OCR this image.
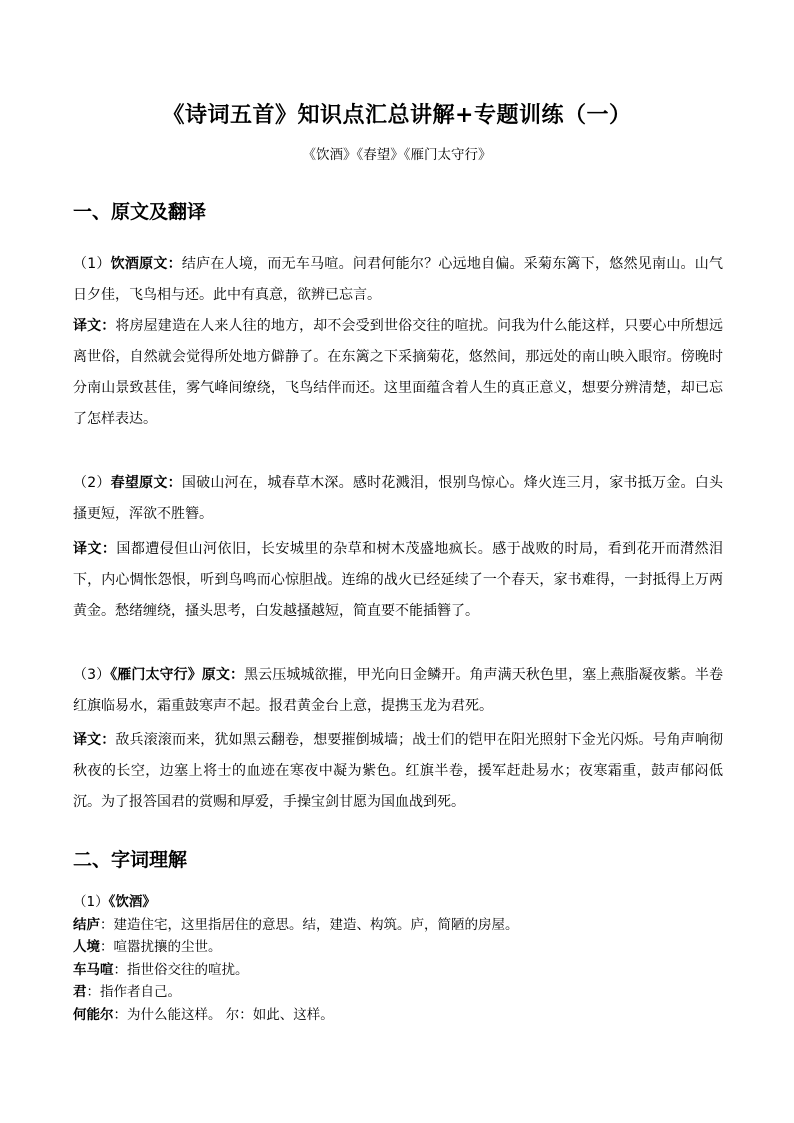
《诗词五首》知识点汇总讲解+专题训练（一）
《饮酒》《春望》《雁门太守行》
一、原文及翻译
（1）饮酒原文：结庐在人境，而无车马喧。问君何能尔？心远地自偏。采菊东篱下，悠然见南山。山气日夕佳，飞鸟相与还。此中有真意，欲辨已忘言。
译文：将房屋建造在人来人往的地方，却不会受到世俗交往的喧扰。问我为什么能这样，只要心中所想远离世俗，自然就会觉得所处地方僻静了。在东篱之下采摘菊花，悠然间，那远处的南山映入眼帘。傍晚时分南山景致甚佳，雾气峰间缭绕，飞鸟结伴而还。这里面蕴含着人生的真正意义，想要分辨清楚，却已忘了怎样表达。
（2）春望原文：国破山河在，城春草木深。感时花溅泪，恨别鸟惊心。烽火连三月，家书抵万金。白头搔更短，浑欲不胜簪。
译文：国都遭侵但山河依旧，长安城里的杂草和树木茂盛地疯长。感于战败的时局，看到花开而潸然泪下，内心惆怅怨恨，听到鸟鸣而心惊胆战。连绵的战火已经延续了一个春天，家书难得，一封抵得上万两黄金。愁绪缠绕，搔头思考，白发越搔越短，简直要不能插簪了。
（3）《雁门太守行》原文：黑云压城城欲摧，甲光向日金鳞开。角声满天秋色里，塞上燕脂凝夜紫。半卷红旗临易水，霜重鼓寒声不起。报君黄金台上意，提携玉龙为君死。
译文：敌兵滚滚而来，犹如黑云翻卷，想要摧倒城墙；战士们的铠甲在阳光照射下金光闪烁。号角声响彻秋夜的长空，边塞上将士的血迹在寒夜中凝为紫色。红旗半卷，援军赶赴易水；夜寒霜重，鼓声郁闷低沉。为了报答国君的赏赐和厚爱，手操宝剑甘愿为国血战到死。
二、字词理解
（1）《饮酒》
结庐：建造住宅，这里指居住的意思。结，建造、构筑。庐，简陋的房屋。
人境：喧嚣扰攘的尘世。
车马喧：指世俗交往的喧扰。
君：指作者自己。
何能尔：为什么能这样。 尔：如此、这样。
